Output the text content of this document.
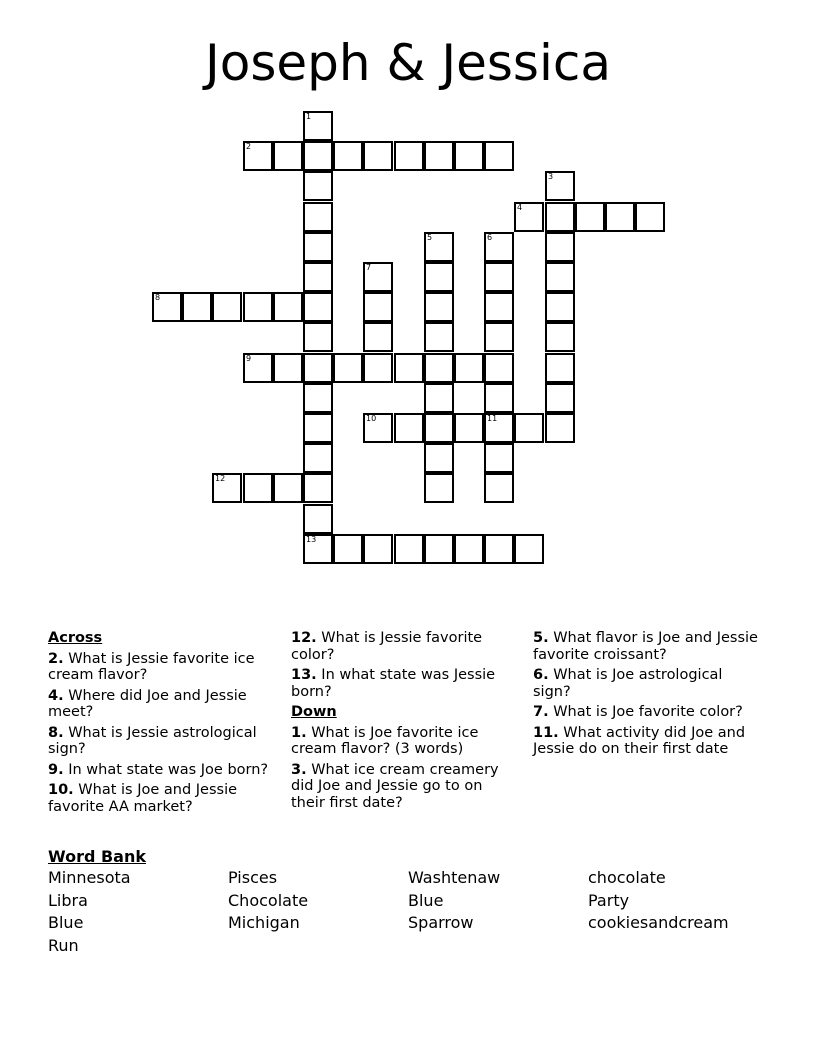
Joseph & Jessica
1
13
2
3
4
5	6
11
7
8
9
10
12
Across
2. What is Jessie favorite ice cream flavor?
4. Where did Joe and Jessie meet?
8. What is Jessie astrological sign?
9. In what state was Joe born?
10. What is Joe and Jessie favorite AA market?
12. What is Jessie favorite color?
13. In what state was Jessie born?
Down
1. What is Joe favorite ice cream flavor? (3 words)
3. What ice cream creamery did Joe and Jessie go to on their first date?
5. What flavor is Joe and Jessie favorite croissant?
6. What is Joe astrological sign?
7. What is Joe favorite color?
11. What activity did Joe and Jessie do on their first date
Word Bank
Minnesota	Pisces	Washtenaw	chocolate
Libra	Chocolate	Blue	Party
Blue	Michigan	Sparrow	cookiesandcream
Run
